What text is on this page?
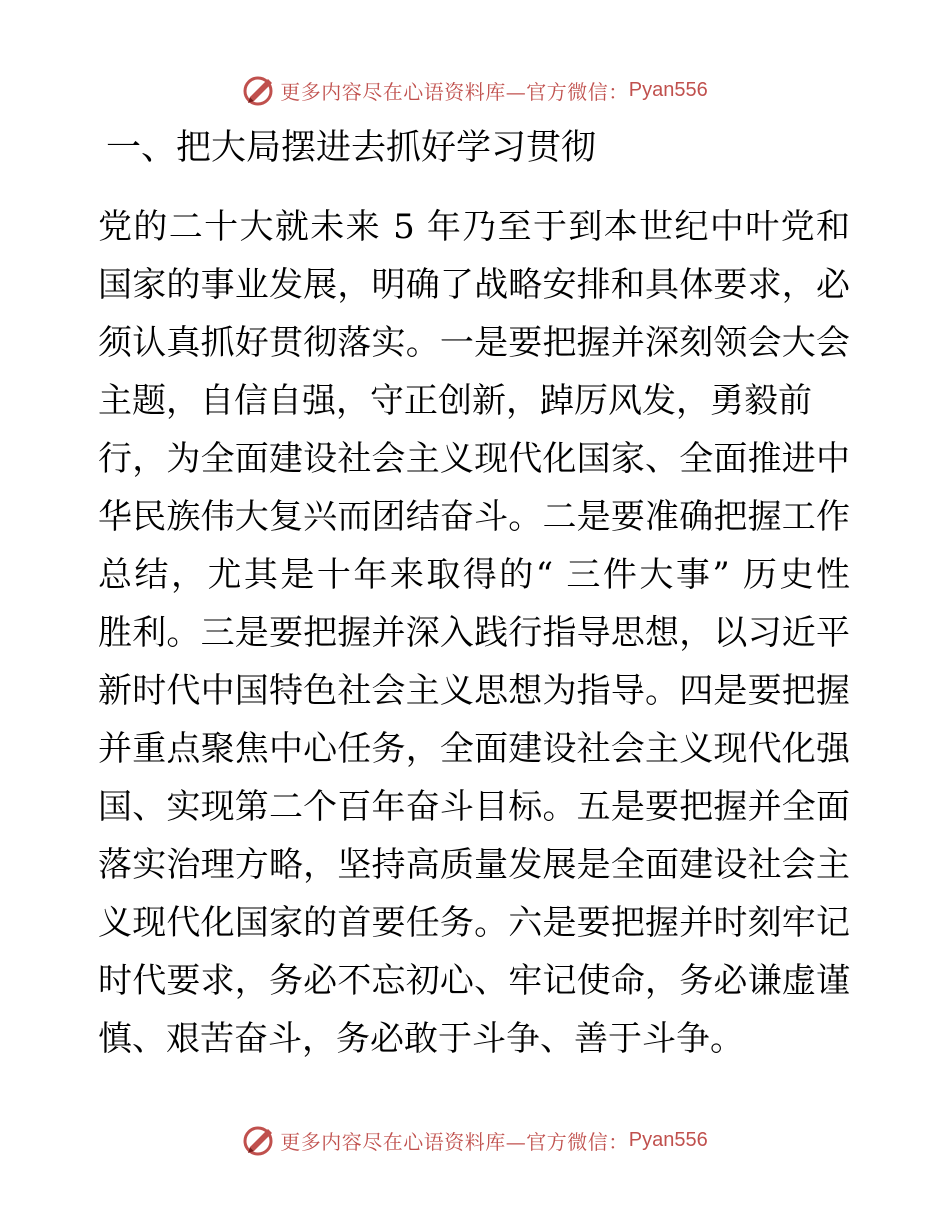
更多内容尽在心语资料库—官方微信： Pyan556
一、把大局摆进去抓好学习贯彻
党的二十大就未来 5 年乃至于到本世纪中叶党和
国家的事业发展，明确了战略安排和具体要求，必
须认真抓好贯彻落实。一是要把握并深刻领会大会
主题，自信自强，守正创新，踔厉风发，勇毅前
行，为全面建设社会主义现代化国家、全面推进中
华民族伟大复兴而团结奋斗。二是要准确把握工作
总结，尤其是十年来取得的“ 三件大事” 历史性
胜利。三是要把握并深入践行指导思想，以习近平
新时代中国特色社会主义思想为指导。四是要把握
并重点聚焦中心任务，全面建设社会主义现代化强
国、实现第二个百年奋斗目标。五是要把握并全面
落实治理方略，坚持高质量发展是全面建设社会主
义现代化国家的首要任务。六是要把握并时刻牢记
时代要求，务必不忘初心、牢记使命，务必谦虚谨
慎、艰苦奋斗，务必敢于斗争、善于斗争。
更多内容尽在心语资料库—官方微信： Pyan556
